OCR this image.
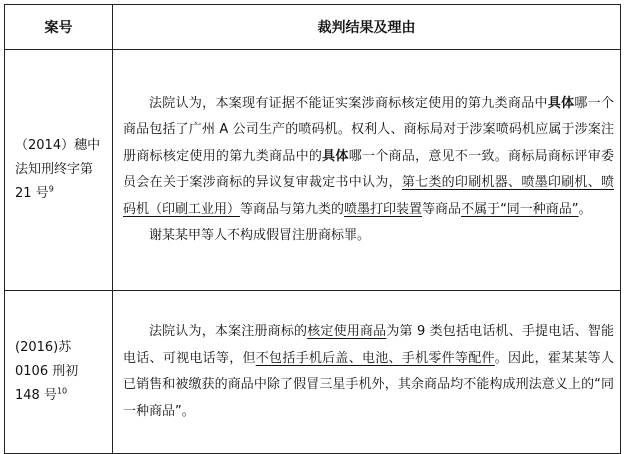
案号	裁判结果及理由
（2014）穗中法知刑终字第 21 号$^9$	法院认为，本案现有证据不能证实案涉商标核定使用的第九类商品中具体哪一个商品包括了广州 A 公司生产的喷码机。权利人、商标局对于涉案喷码机应属于涉案注册商标核定使用的第九类商品中的具体哪一个商品，意见不一致。商标局商标评审委员会在关于案涉商标的异议复审裁定书中认为，第七类的印刷机器、喷墨印刷机、喷码机（印刷工业用）等商品与第九类的喷墨打印装置等商品不属于“同一种商品”。

谢某某甲等人不构成假冒注册商标罪。

(2016)苏 0106 刑初 148 号$^{10}$	法院认为，本案注册商标的核定使用商品为第 9 类包括电话机、手提电话、智能电话、可视电话等，但不包括手机后盖、电池、手机零件等配件。因此，霍某某等人已销售和被缴获的商品中除了假冒三星手机外，其余商品均不能构成刑法意义上的“同一种商品”。
